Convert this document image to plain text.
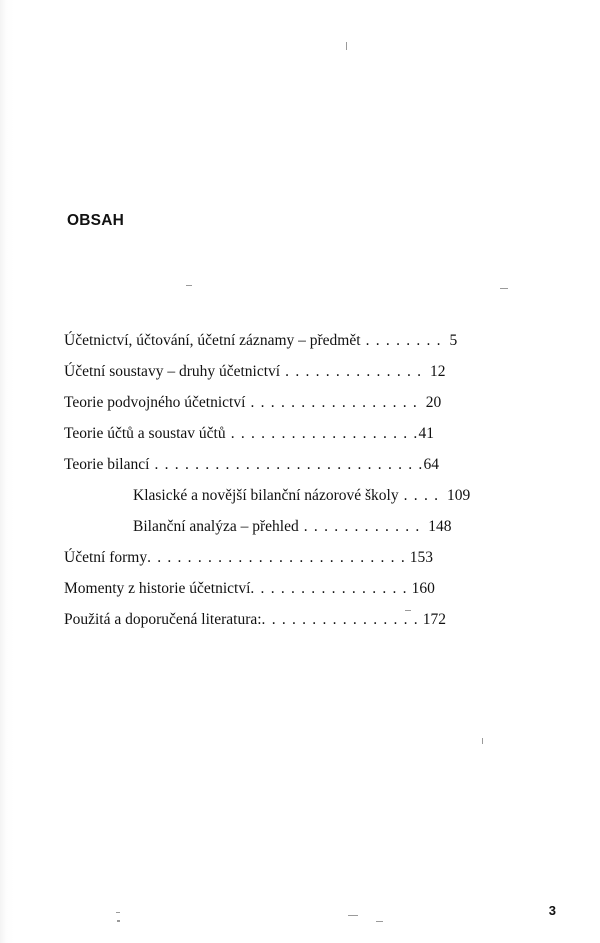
OBSAH
Účetnictví, účtování, účetní záznamy – předmět . . . . . . . . 5
Účetní soustavy – druhy účetnictví . . . . . . . . . . . . . . 12
Teorie podvojného účetnictví . . . . . . . . . . . . . . . . . 20
Teorie účtů a soustav účtů . . . . . . . . . . . . . . . . . . .41
Teorie bilancí . . . . . . . . . . . . . . . . . . . . . . . . . . .64
Klasické a novější bilanční názorové školy . . . . 109
Bilanční analýza – přehled . . . . . . . . . . . . 148
Účetní formy. . . . . . . . . . . . . . . . . . . . . . . . . . 153
Momenty z historie účetnictví. . . . . . . . . . . . . . . . 160
Použitá a doporučená literatura:. . . . . . . . . . . . . . . . 172
3
